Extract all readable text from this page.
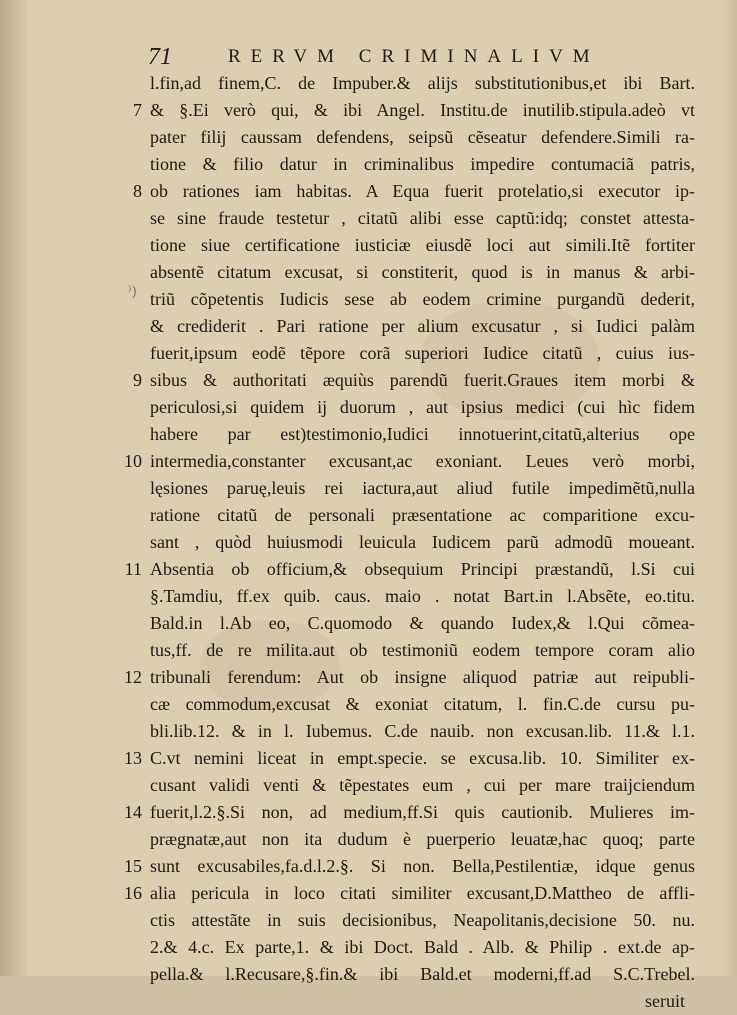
71	RERVM CRIMINALIVM
⁾)
l.fin,ad finem,C. de Impuber.& alijs substitutionibus,et ibi Bart.
7 & §.Ei verò qui, & ibi Angel. Institu.de inutilib.stipula.adeò vt
pater filij caussam defendens, seipsũ cẽseatur defendere.Simili ra-
tione & filio datur in criminalibus impedire contumaciã patris,
8 ob rationes iam habitas. A Equa fuerit protelatio,si executor ip-
se sine fraude testetur , citatũ alibi esse captũ:idq; constet attesta-
tione siue certificatione iusticiæ eiusdẽ loci aut simili.Itẽ fortiter
absentẽ citatum excusat, si constiterit, quod is in manus & arbi-
triũ cõpetentis Iudicis sese ab eodem crimine purgandũ dederit,
& crediderit . Pari ratione per alium excusatur , si Iudici palàm
fuerit,ipsum eodẽ tẽpore corã superiori Iudice citatũ , cuius ius-
9 sibus & authoritati æquiùs parendũ fuerit.Graues item morbi &
periculosi,si quidem ij duorum , aut ipsius medici (cui hìc fidem
habere par est)testimonio,Iudici innotuerint,citatũ,alterius ope
10 intermedia,constanter excusant,ac exoniant. Leues verò morbi,
lęsiones paruę,leuis rei iactura,aut aliud futile impedimẽtũ,nulla
ratione citatũ de personali præsentatione ac comparitione excu-
sant , quòd huiusmodi leuicula Iudicem parũ admodũ moueant.
11 Absentia ob officium,& obsequium Principi præstandũ, l.Si cui
§.Tamdiu, ff.ex quib. caus. maio . notat Bart.in l.Absẽte, eo.titu.
Bald.in l.Ab eo, C.quomodo & quando Iudex,& l.Qui cõmea-
tus,ff. de re milita.aut ob testimoniũ eodem tempore coram alio
12 tribunali ferendum: Aut ob insigne aliquod patriæ aut reipubli-
cæ commodum,excusat & exoniat citatum, l. fin.C.de cursu pu-
bli.lib.12. & in l. Iubemus. C.de nauib. non excusan.lib. 11.& l.1.
13 C.vt nemini liceat in empt.specie. se excusa.lib. 10. Similiter ex-
cusant validi venti & tẽpestates eum , cui per mare traijciendum
14 fuerit,l.2.§.Si non, ad medium,ff.Si quis cautionib. Mulieres im-
prægnatæ,aut non ita dudum è puerperio leuatæ,hac quoq; parte
15 sunt excusabiles,fa.d.l.2.§. Si non. Bella,Pestilentiæ, idque genus
16 alia pericula in loco citati similiter excusant,D.Mattheo de affli-
ctis attestãte in suis decisionibus, Neapolitanis,decisione 50. nu.
2.& 4.c. Ex parte,1. & ibi Doct. Bald . Alb. & Philip . ext.de ap-
pella.& l.Recusare,§.fin.& ibi Bald.et moderni,ff.ad S.C.Trebel.
seruit
